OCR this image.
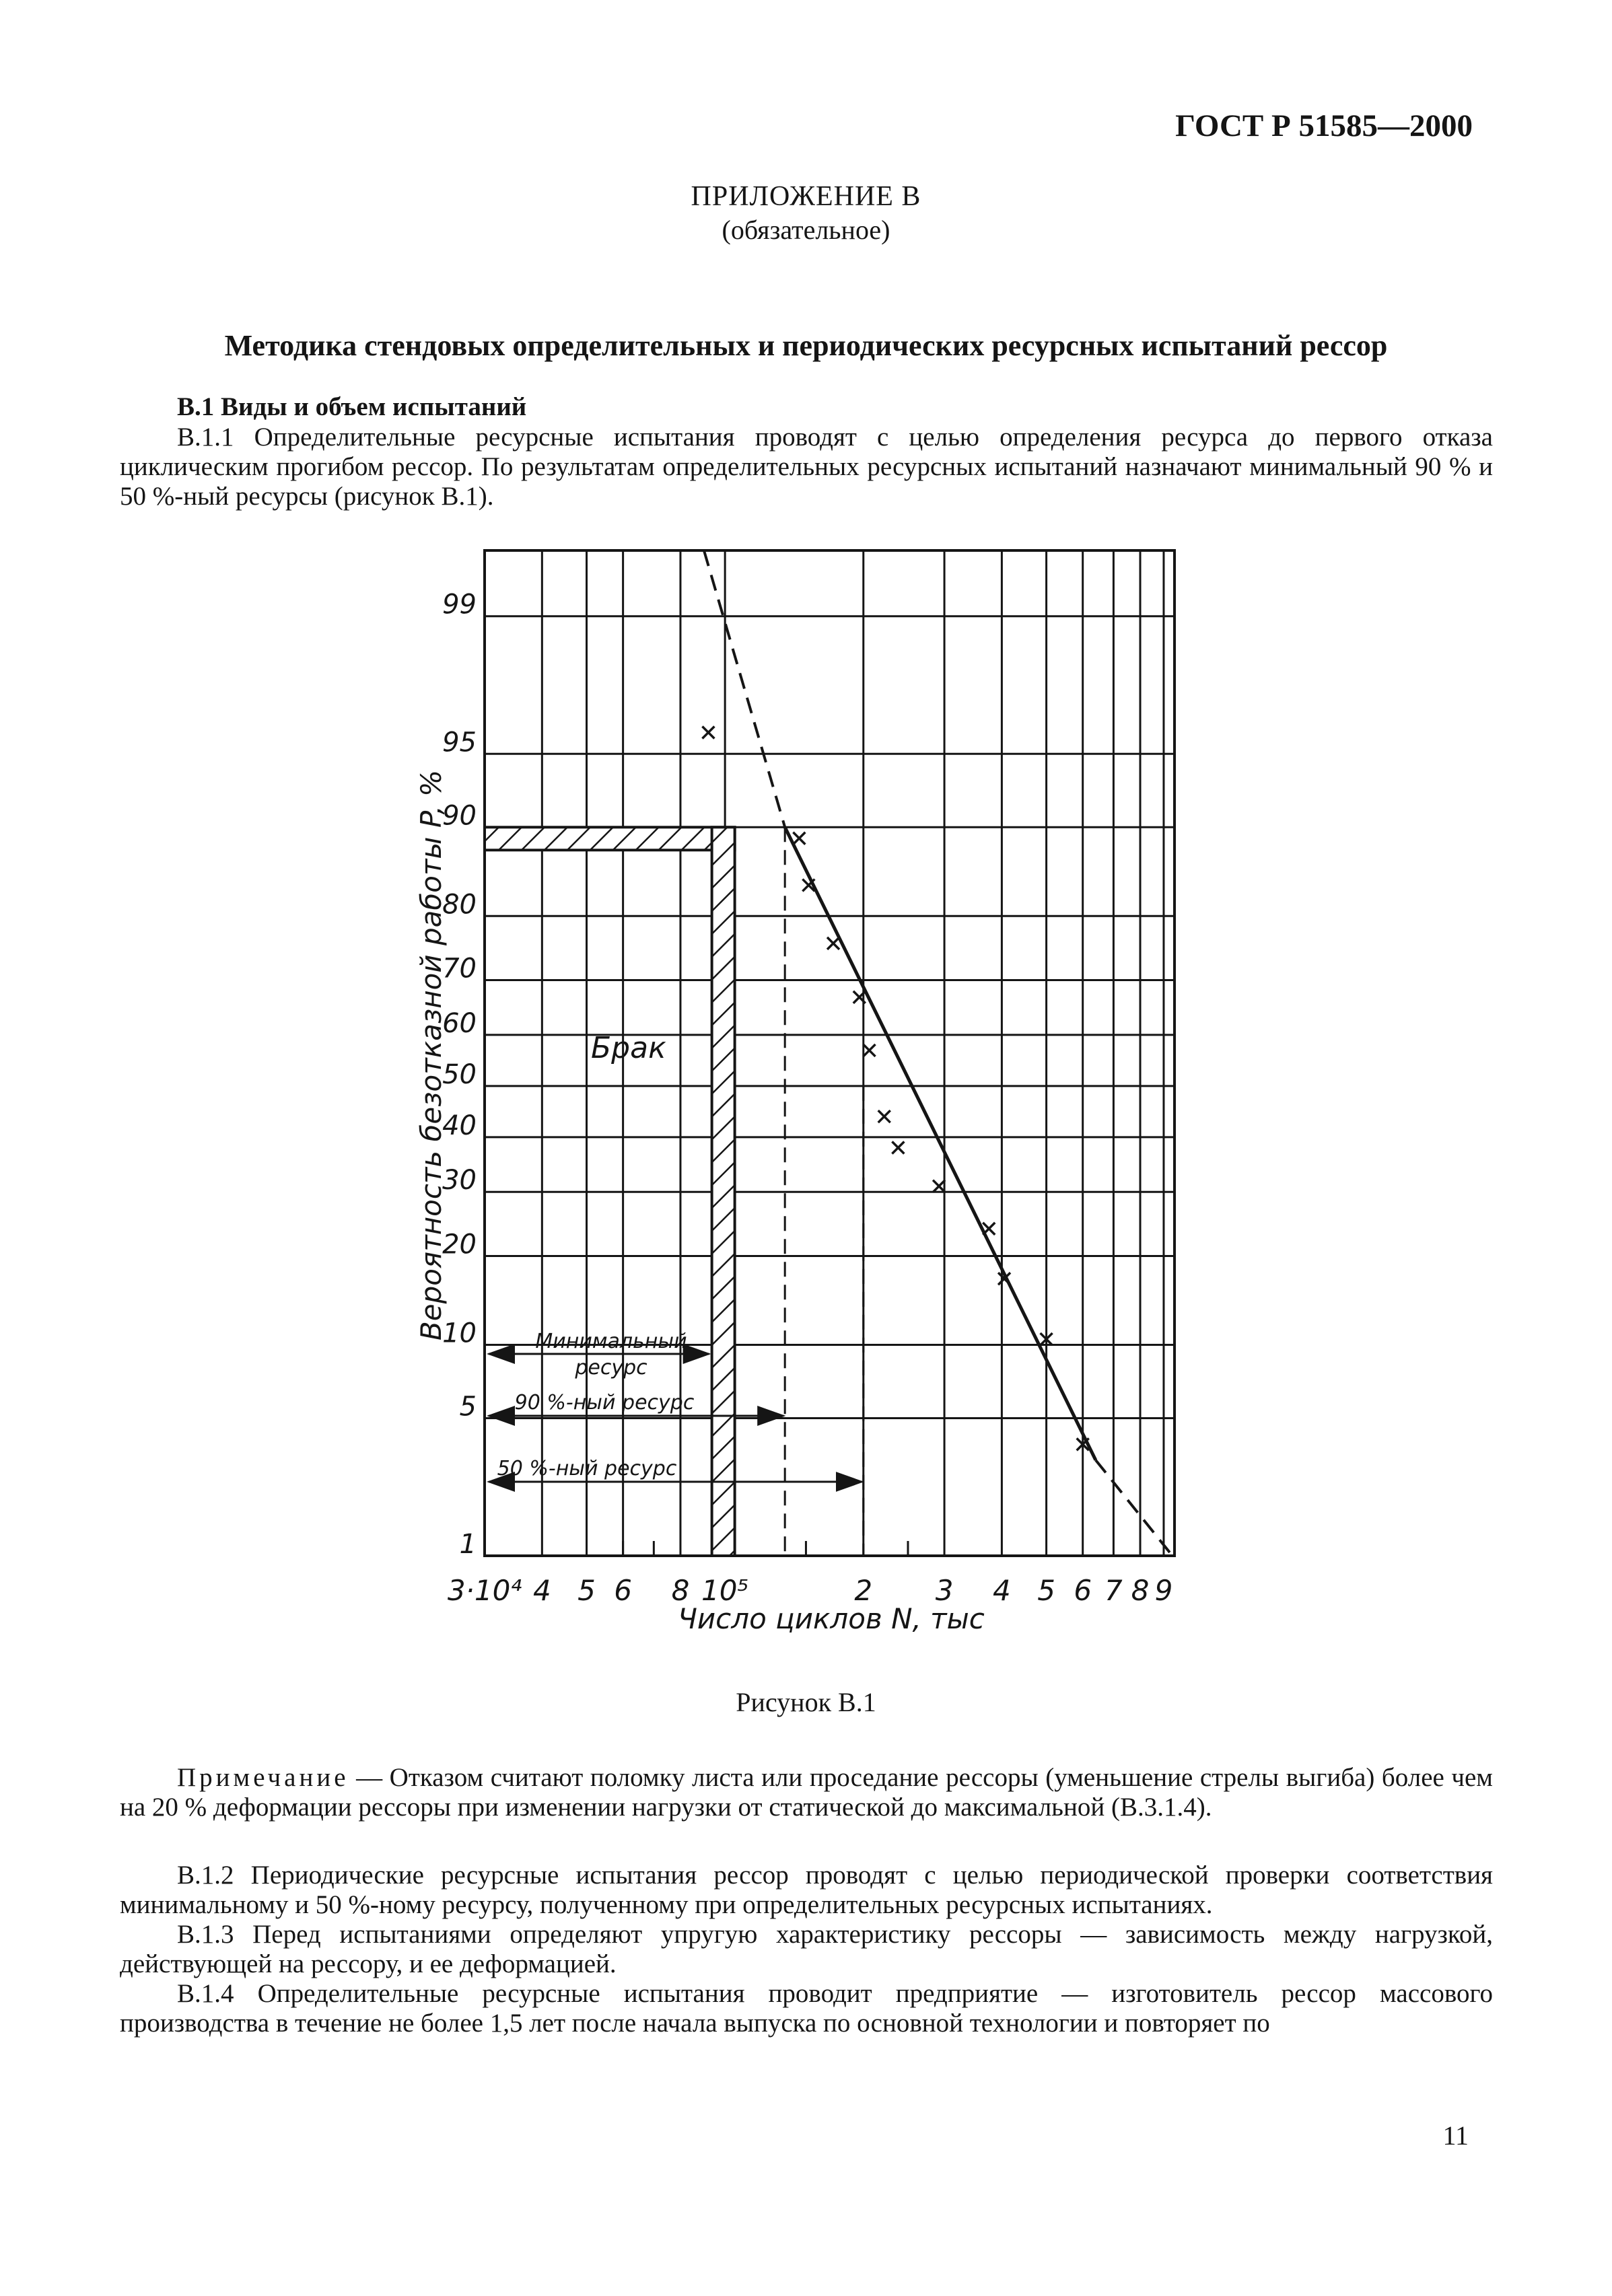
ГОСТ Р 51585—2000
ПРИЛОЖЕНИЕ В
(обязательное)
Методика стендовых определительных и периодических ресурсных испытаний рессор
В.1 Виды и объем испытаний
В.1.1 Определительные ресурсные испытания проводят с целью определения ресурса до первого отказа циклическим прогибом рессор. По результатам определительных ресурсных испытаний назначают минимальный 90 % и 50 %-ный ресурсы (рисунок В.1).
3·10⁴ 4 5 6 8 10⁵	2 3 4 5 6 7 8 9
99
95
90
80
70
60
50
40
30
20
10
5
1
Брак
Минимальный
ресурс
90 %-ный ресурс
50 %-ный ресурс
Число циклов N, тыс
Вероятность безотказной работы P, %
Рисунок В.1
Примечание — Отказом считают поломку листа или проседание рессоры (уменьшение стрелы выгиба) более чем на 20 % деформации рессоры при изменении нагрузки от статической до максимальной (В.3.1.4).
В.1.2 Периодические ресурсные испытания рессор проводят с целью периодической проверки соответствия минимальному и 50 %-ному ресурсу, полученному при определительных ресурсных испытаниях.
В.1.3 Перед испытаниями определяют упругую характеристику рессоры — зависимость между нагрузкой, действующей на рессору, и ее деформацией.
В.1.4 Определительные ресурсные испытания проводит предприятие — изготовитель рессор массового производства в течение не более 1,5 лет после начала выпуска по основной технологии и повторяет по
11
